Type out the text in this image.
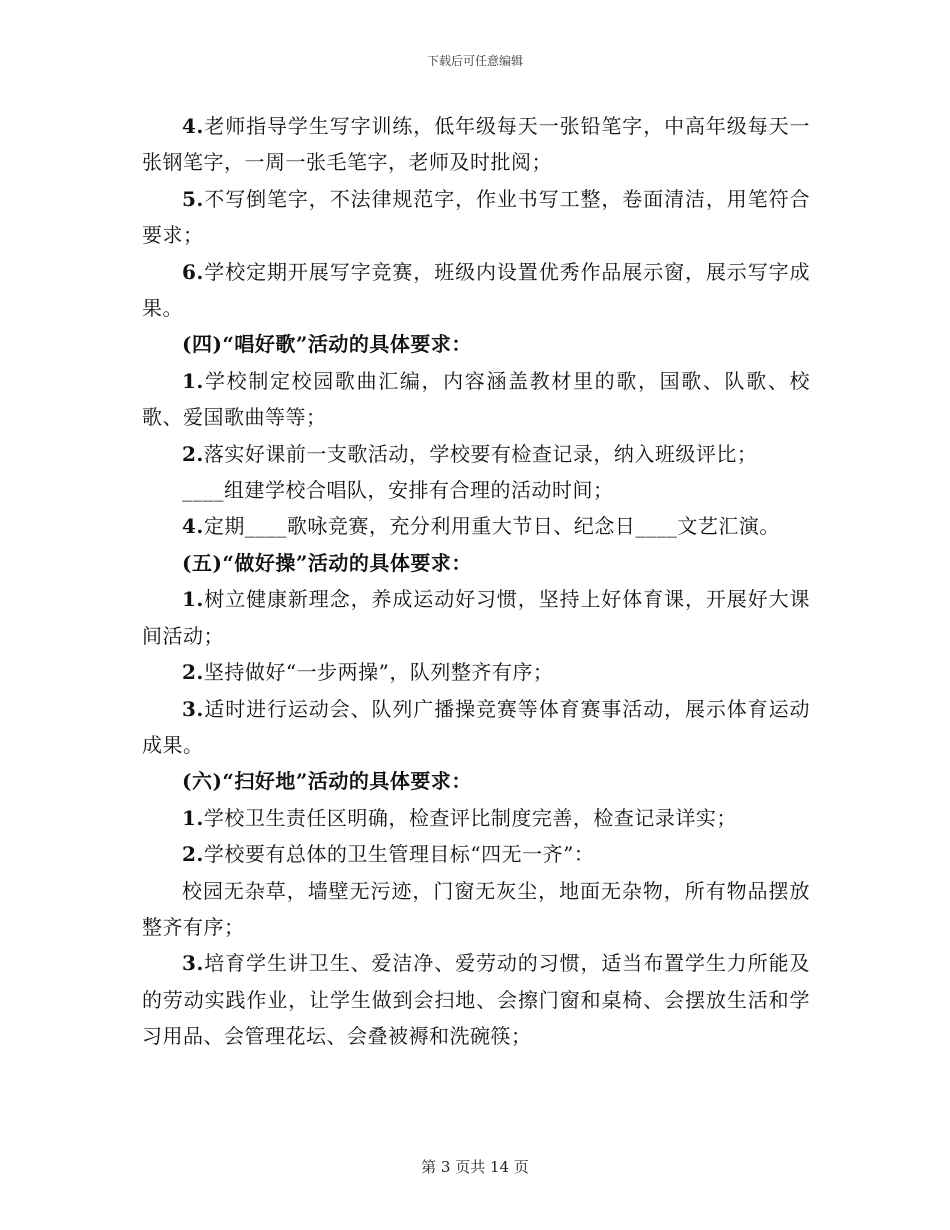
下载后可任意编辑

4.老师指导学生写字训练，低年级每天一张铅笔字，中高年级每天一张钢笔字，一周一张毛笔字，老师及时批阅；

5.不写倒笔字，不法律规范字，作业书写工整，卷面清洁，用笔符合要求；

6.学校定期开展写字竞赛，班级内设置优秀作品展示窗，展示写字成果。

(四)“唱好歌”活动的具体要求：

1.学校制定校园歌曲汇编，内容涵盖教材里的歌，国歌、队歌、校歌、爱国歌曲等等；

2.落实好课前一支歌活动，学校要有检查记录，纳入班级评比；

____组建学校合唱队，安排有合理的活动时间；

4.定期____歌咏竞赛，充分利用重大节日、纪念日____文艺汇演。

(五)“做好操”活动的具体要求：

1.树立健康新理念，养成运动好习惯，坚持上好体育课，开展好大课间活动；

2.坚持做好“一步两操”，队列整齐有序；

3.适时进行运动会、队列广播操竞赛等体育赛事活动，展示体育运动成果。

(六)“扫好地”活动的具体要求：

1.学校卫生责任区明确，检查评比制度完善，检查记录详实；

2.学校要有总体的卫生管理目标“四无一齐”：

校园无杂草，墙壁无污迹，门窗无灰尘，地面无杂物，所有物品摆放整齐有序；

3.培育学生讲卫生、爱洁净、爱劳动的习惯，适当布置学生力所能及的劳动实践作业，让学生做到会扫地、会擦门窗和桌椅、会摆放生活和学习用品、会管理花坛、会叠被褥和洗碗筷；

第 3 页共 14 页
